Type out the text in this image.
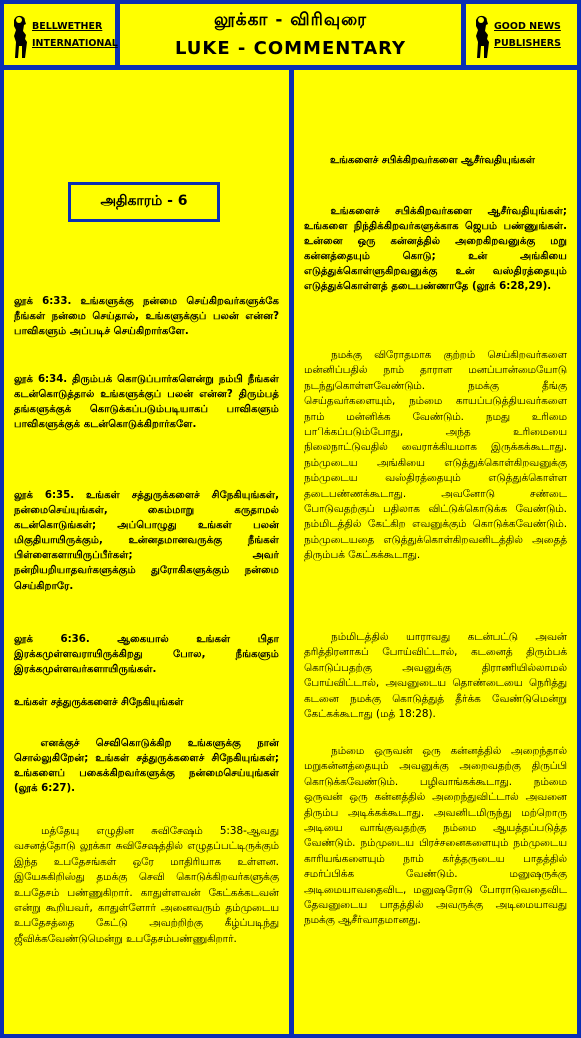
BELLWETHER
INTERNATIONAL
லூக்கா - விரிவுரை
LUKE - COMMENTARY
GOOD NEWS
PUBLISHERS
அதிகாரம் - 6

லூக் 6:33. உங்களுக்கு நன்மை செய்கிறவர்களுக்கே நீங்கள் நன்மை செய்தால், உங்களுக்குப் பலன் என்ன? பாவிகளும் அப்படிச் செய்கிறார்களே.

லூக் 6:34. திரும்பக் கொடுப்பார்களென்று நம்பி நீங்கள் கடன்கொடுத்தால் உங்களுக்குப் பலன் என்ன? திரும்பத் தங்களுக்குக் கொடுக்கப்படும்படியாகப் பாவிகளும் பாவிகளுக்குக் கடன்கொடுக்கிறார்களே.

லூக் 6:35. உங்கள் சத்துருக்களைச் சிநேகியுங்கள், நன்மைசெய்யுங்கள், கைம்மாறு கருதாமல் கடன்கொடுங்கள்; அப்பொழுது உங்கள் பலன் மிகுதியாயிருக்கும், உன்னதமானவருக்கு நீங்கள் பிள்ளைகளாயிருப்பீர்கள்; அவர் நன்றியறியாதவர்களுக்கும் துரோகிகளுக்கும் நன்மை செய்கிறாரே.

லூக் 6:36. ஆகையால் உங்கள் பிதா இரக்கமுள்ளவராயிருக்கிறது போல, நீங்களும் இரக்கமுள்ளவர்களாயிருங்கள்.

உங்கள் சத்துருக்களைச் சிநேகியுங்கள்

எனக்குச் செவிகொடுக்கிற உங்களுக்கு நான் சொல்லுகிறேன்; உங்கள் சத்துருக்களைச் சிநேகியுங்கள்; உங்களைப் பகைக்கிறவர்களுக்கு நன்மைசெய்யுங்கள் (லூக் 6:27).

மத்தேயு எழுதின சுவிசேஷம் 5:38-ஆவது வசனத்தோடு லூக்கா சுவிசேஷத்தில் எழுதப்பட்டிருக்கும் இந்த உபதேசங்கள் ஒரே மாதிரியாக உள்ளன. இயேசுகிறிஸ்து தமக்கு செவி கொடுக்கிறவர்களுக்கு உபதேசம் பண்ணுகிறார். காதுள்ளவன் கேட்கக்கடவன் என்று கூறியவர், காதுள்ளோர் அனைவரும் தம்முடைய உபதேசத்தை கேட்டு அவற்றிற்கு கீழ்ப்படிந்து ஜீவிக்கவேண்டுமென்று உபதேசம்பண்ணுகிறார்.

உங்களைச் சபிக்கிறவர்களை ஆசீர்வதியுங்கள்

உங்களைச் சபிக்கிறவர்களை ஆசீர்வதியுங்கள்; உங்களை நிந்திக்கிறவர்களுக்காக ஜெபம் பண்ணுங்கள். உன்னை ஒரு கன்னத்தில் அறைகிறவனுக்கு மறு கன்னத்தையும் கொடு; உன் அங்கியை எடுத்துக்கொள்ளுகிறவனுக்கு உன் வஸ்திரத்தையும் எடுத்துக்கொள்ளத் தடைபண்ணாதே (லூக் 6:28,29).

நமக்கு விரோதமாக குற்றம் செய்கிறவர்களை மன்னிப்பதில் நாம் தாராள மனப்பான்மையோடு நடந்துகொள்ளவேண்டும். நமக்கு தீங்கு செய்தவர்களையும், நம்மை காயப்படுத்தியவர்களை நாம் மன்னிக்க வேண்டும். நமது உரிமை பாிக்கப்படும்போது, அந்த உரிமையை நிலைநாட்டுவதில் வைராக்கியமாக இருக்கக்கூடாது. நம்முடைய அங்கியை எடுத்துக்கொள்கிறவனுக்கு நம்முடைய வஸ்திரத்தையும் எடுத்துக்கொள்ள தடைபண்ணக்கூடாது. அவனோடு சண்டை போடுவதற்குப் பதிலாக விட்டுக்கொடுக்க வேண்டும். நம்மிடத்தில் கேட்கிற எவனுக்கும் கொடுக்கவேண்டும். நம்முடையதை எடுத்துக்கொள்கிறவனிடத்தில் அதைத் திரும்பக் கேட்கக்கூடாது.

நம்மிடத்தில் யாராவது கடன்பட்டு அவன் தரித்திரனாகப் போய்விட்டால், கடனைத் திரும்பக் கொடுப்பதற்கு அவனுக்கு திராணியில்லாமல் போய்விட்டால், அவனுடைய தொண்டையை நெரித்து கடனை நமக்கு கொடுத்துத் தீர்க்க வேண்டுமென்று கேட்கக்கூடாது (மத் 18:28).

நம்மை ஒருவன் ஒரு கன்னத்தில் அறைந்தால் மறுகன்னத்தையும் அவனுக்கு அறைவதற்கு திருப்பி கொடுக்கவேண்டும். பழிவாங்கக்கூடாது. நம்மை ஒருவன் ஒரு கன்னத்தில் அறைந்துவிட்டால் அவனை திரும்ப அடிக்கக்கூடாது. அவனிடமிருந்து மற்றொரு அடியை வாங்குவதற்கு நம்மை ஆயத்தப்படுத்த வேண்டும். நம்முடைய பிரச்சனைகளையும் நம்முடைய காரியங்களையும் நாம் கர்த்தருடைய பாதத்தில் சமர்ப்பிக்க வேண்டும். மனுஷருக்கு அடிமையாவதைவிட, மனுஷரோடு போராடுவதைவிட தேவனுடைய பாதத்தில் அவருக்கு அடிமையாவது நமக்கு ஆசீர்வாதமானது.
